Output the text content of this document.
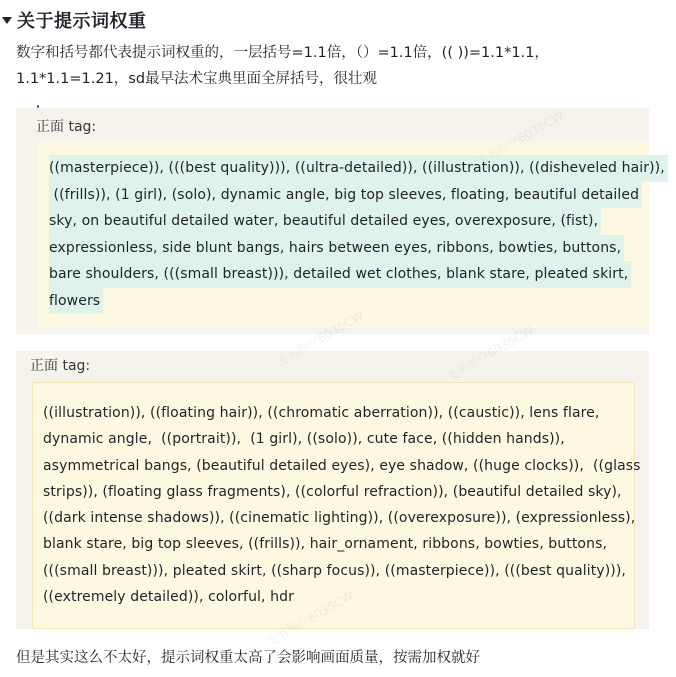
关于提示词权重
数字和括号都代表提示词权重的，一层括号=1.1倍，（）=1.1倍，(( ))=1.1*1.1，
1.1*1.1=1.21，sd最早法术宝典里面全屏括号，很壮观
正面 tag:
((masterpiece)), (((best quality))), ((ultra-detailed)), ((illustration)), ((disheveled hair)),
((frills)), (1 girl), (solo), dynamic angle, big top sleeves, floating, beautiful detailed
sky, on beautiful detailed water, beautiful detailed eyes, overexposure, (fist),
expressionless, side blunt bangs, hairs between eyes, ribbons, bowties, buttons,
bare shoulders, (((small breast))), detailed wet clothes, blank stare, pleated skirt,
flowers
正面 tag:
((illustration)), ((floating hair)), ((chromatic aberration)), ((caustic)), lens flare,
dynamic angle,  ((portrait)),  (1 girl), ((solo)), cute face, ((hidden hands)),
asymmetrical bangs, (beautiful detailed eyes), eye shadow, ((huge clocks)),  ((glass
strips)), (floating glass fragments), ((colorful refraction)), (beautiful detailed sky),
((dark intense shadows)), ((cinematic lighting)), ((overexposure)), (expressionless),
blank stare, big top sleeves, ((frills)), hair_ornament, ribbons, bowties, buttons,
(((small breast))), pleated skirt, ((sharp focus)), ((masterpiece)), (((best quality))),
((extremely detailed)), colorful, hdr
但是其实这么不太好，提示词权重太高了会影响画面质量，按需加权就好
飞书用户6035CW
